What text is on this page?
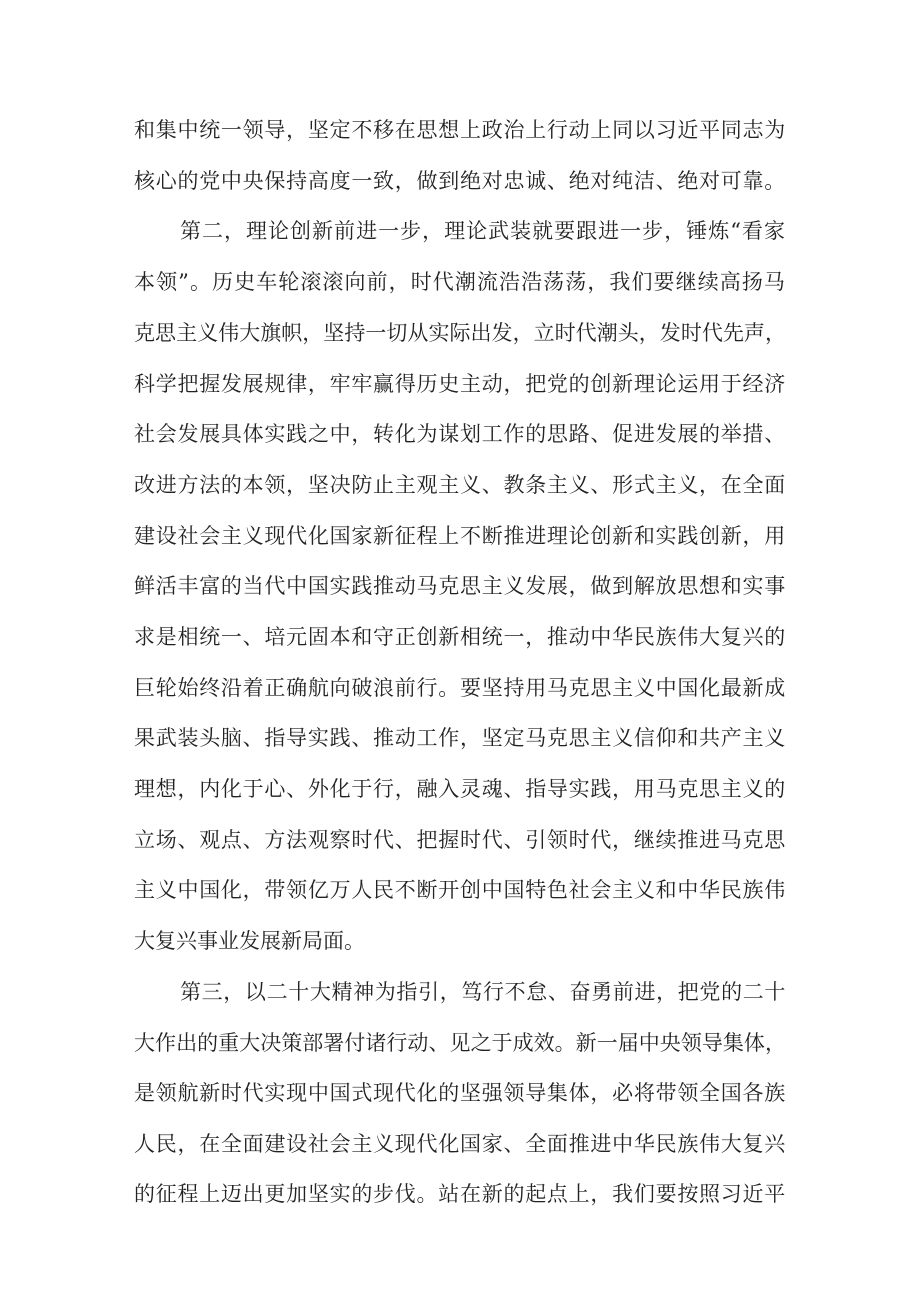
和集中统一领导，坚定不移在思想上政治上行动上同以习近平同志为
核心的党中央保持高度一致，做到绝对忠诚、绝对纯洁、绝对可靠。
第二，理论创新前进一步，理论武装就要跟进一步，锤炼“看家
本领”。历史车轮滚滚向前，时代潮流浩浩荡荡，我们要继续高扬马
克思主义伟大旗帜，坚持一切从实际出发，立时代潮头，发时代先声，
科学把握发展规律，牢牢赢得历史主动，把党的创新理论运用于经济
社会发展具体实践之中，转化为谋划工作的思路、促进发展的举措、
改进方法的本领，坚决防止主观主义、教条主义、形式主义，在全面
建设社会主义现代化国家新征程上不断推进理论创新和实践创新，用
鲜活丰富的当代中国实践推动马克思主义发展，做到解放思想和实事
求是相统一、培元固本和守正创新相统一，推动中华民族伟大复兴的
巨轮始终沿着正确航向破浪前行。要坚持用马克思主义中国化最新成
果武装头脑、指导实践、推动工作，坚定马克思主义信仰和共产主义
理想，内化于心、外化于行，融入灵魂、指导实践，用马克思主义的
立场、观点、方法观察时代、把握时代、引领时代，继续推进马克思
主义中国化，带领亿万人民不断开创中国特色社会主义和中华民族伟
大复兴事业发展新局面。
第三，以二十大精神为指引，笃行不怠、奋勇前进，把党的二十
大作出的重大决策部署付诸行动、见之于成效。新一届中央领导集体，
是领航新时代实现中国式现代化的坚强领导集体，必将带领全国各族
人民，在全面建设社会主义现代化国家、全面推进中华民族伟大复兴
的征程上迈出更加坚实的步伐。站在新的起点上，我们要按照习近平
